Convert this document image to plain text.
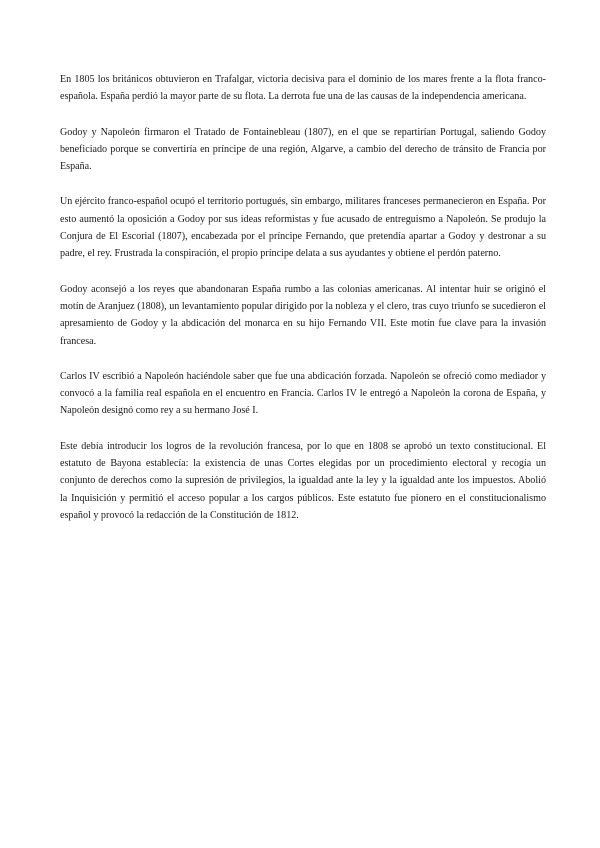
En 1805 los británicos obtuvieron en Trafalgar, victoria decisiva para el dominio de los mares frente a la flota franco-española. España perdió la mayor parte de su flota. La derrota fue una de las causas de la independencia americana.

Godoy y Napoleón firmaron el Tratado de Fontainebleau (1807), en el que se repartirían Portugal, saliendo Godoy beneficiado porque se convertiría en príncipe de una región, Algarve, a cambio del derecho de tránsito de Francia por España.

Un ejército franco-español ocupó el territorio portugués, sin embargo, militares franceses permanecieron en España. Por esto aumentó la oposición a Godoy por sus ideas reformistas y fue acusado de entreguismo a Napoleón. Se produjo la Conjura de El Escorial (1807), encabezada por el príncipe Fernando, que pretendía apartar a Godoy y destronar a su padre, el rey. Frustrada la conspiración, el propio príncipe delata a sus ayudantes y obtiene el perdón paterno.

Godoy aconsejó a los reyes que abandonaran España rumbo a las colonias americanas. Al intentar huir se originó el motín de Aranjuez (1808), un levantamiento popular dirigido por la nobleza y el clero, tras cuyo triunfo se sucedieron el apresamiento de Godoy y la abdicación del monarca en su hijo Fernando VII. Este motín fue clave para la invasión francesa.

Carlos IV escribió a Napoleón haciéndole saber que fue una abdicación forzada. Napoleón se ofreció como mediador y convocó a la familia real española en el encuentro en Francia. Carlos IV le entregó a Napoleón la corona de España, y Napoleón designó como rey a su hermano José I.

Este debía introducir los logros de la revolución francesa, por lo que en 1808 se aprobó un texto constitucional. El estatuto de Bayona establecía: la existencia de unas Cortes elegidas por un procedimiento electoral y recogía un conjunto de derechos como la supresión de privilegios, la igualdad ante la ley y la igualdad ante los impuestos. Abolió la Inquisición y permitió el acceso popular a los cargos públicos. Este estatuto fue pionero en el constitucionalismo español y provocó la redacción de la Constitución de 1812.
